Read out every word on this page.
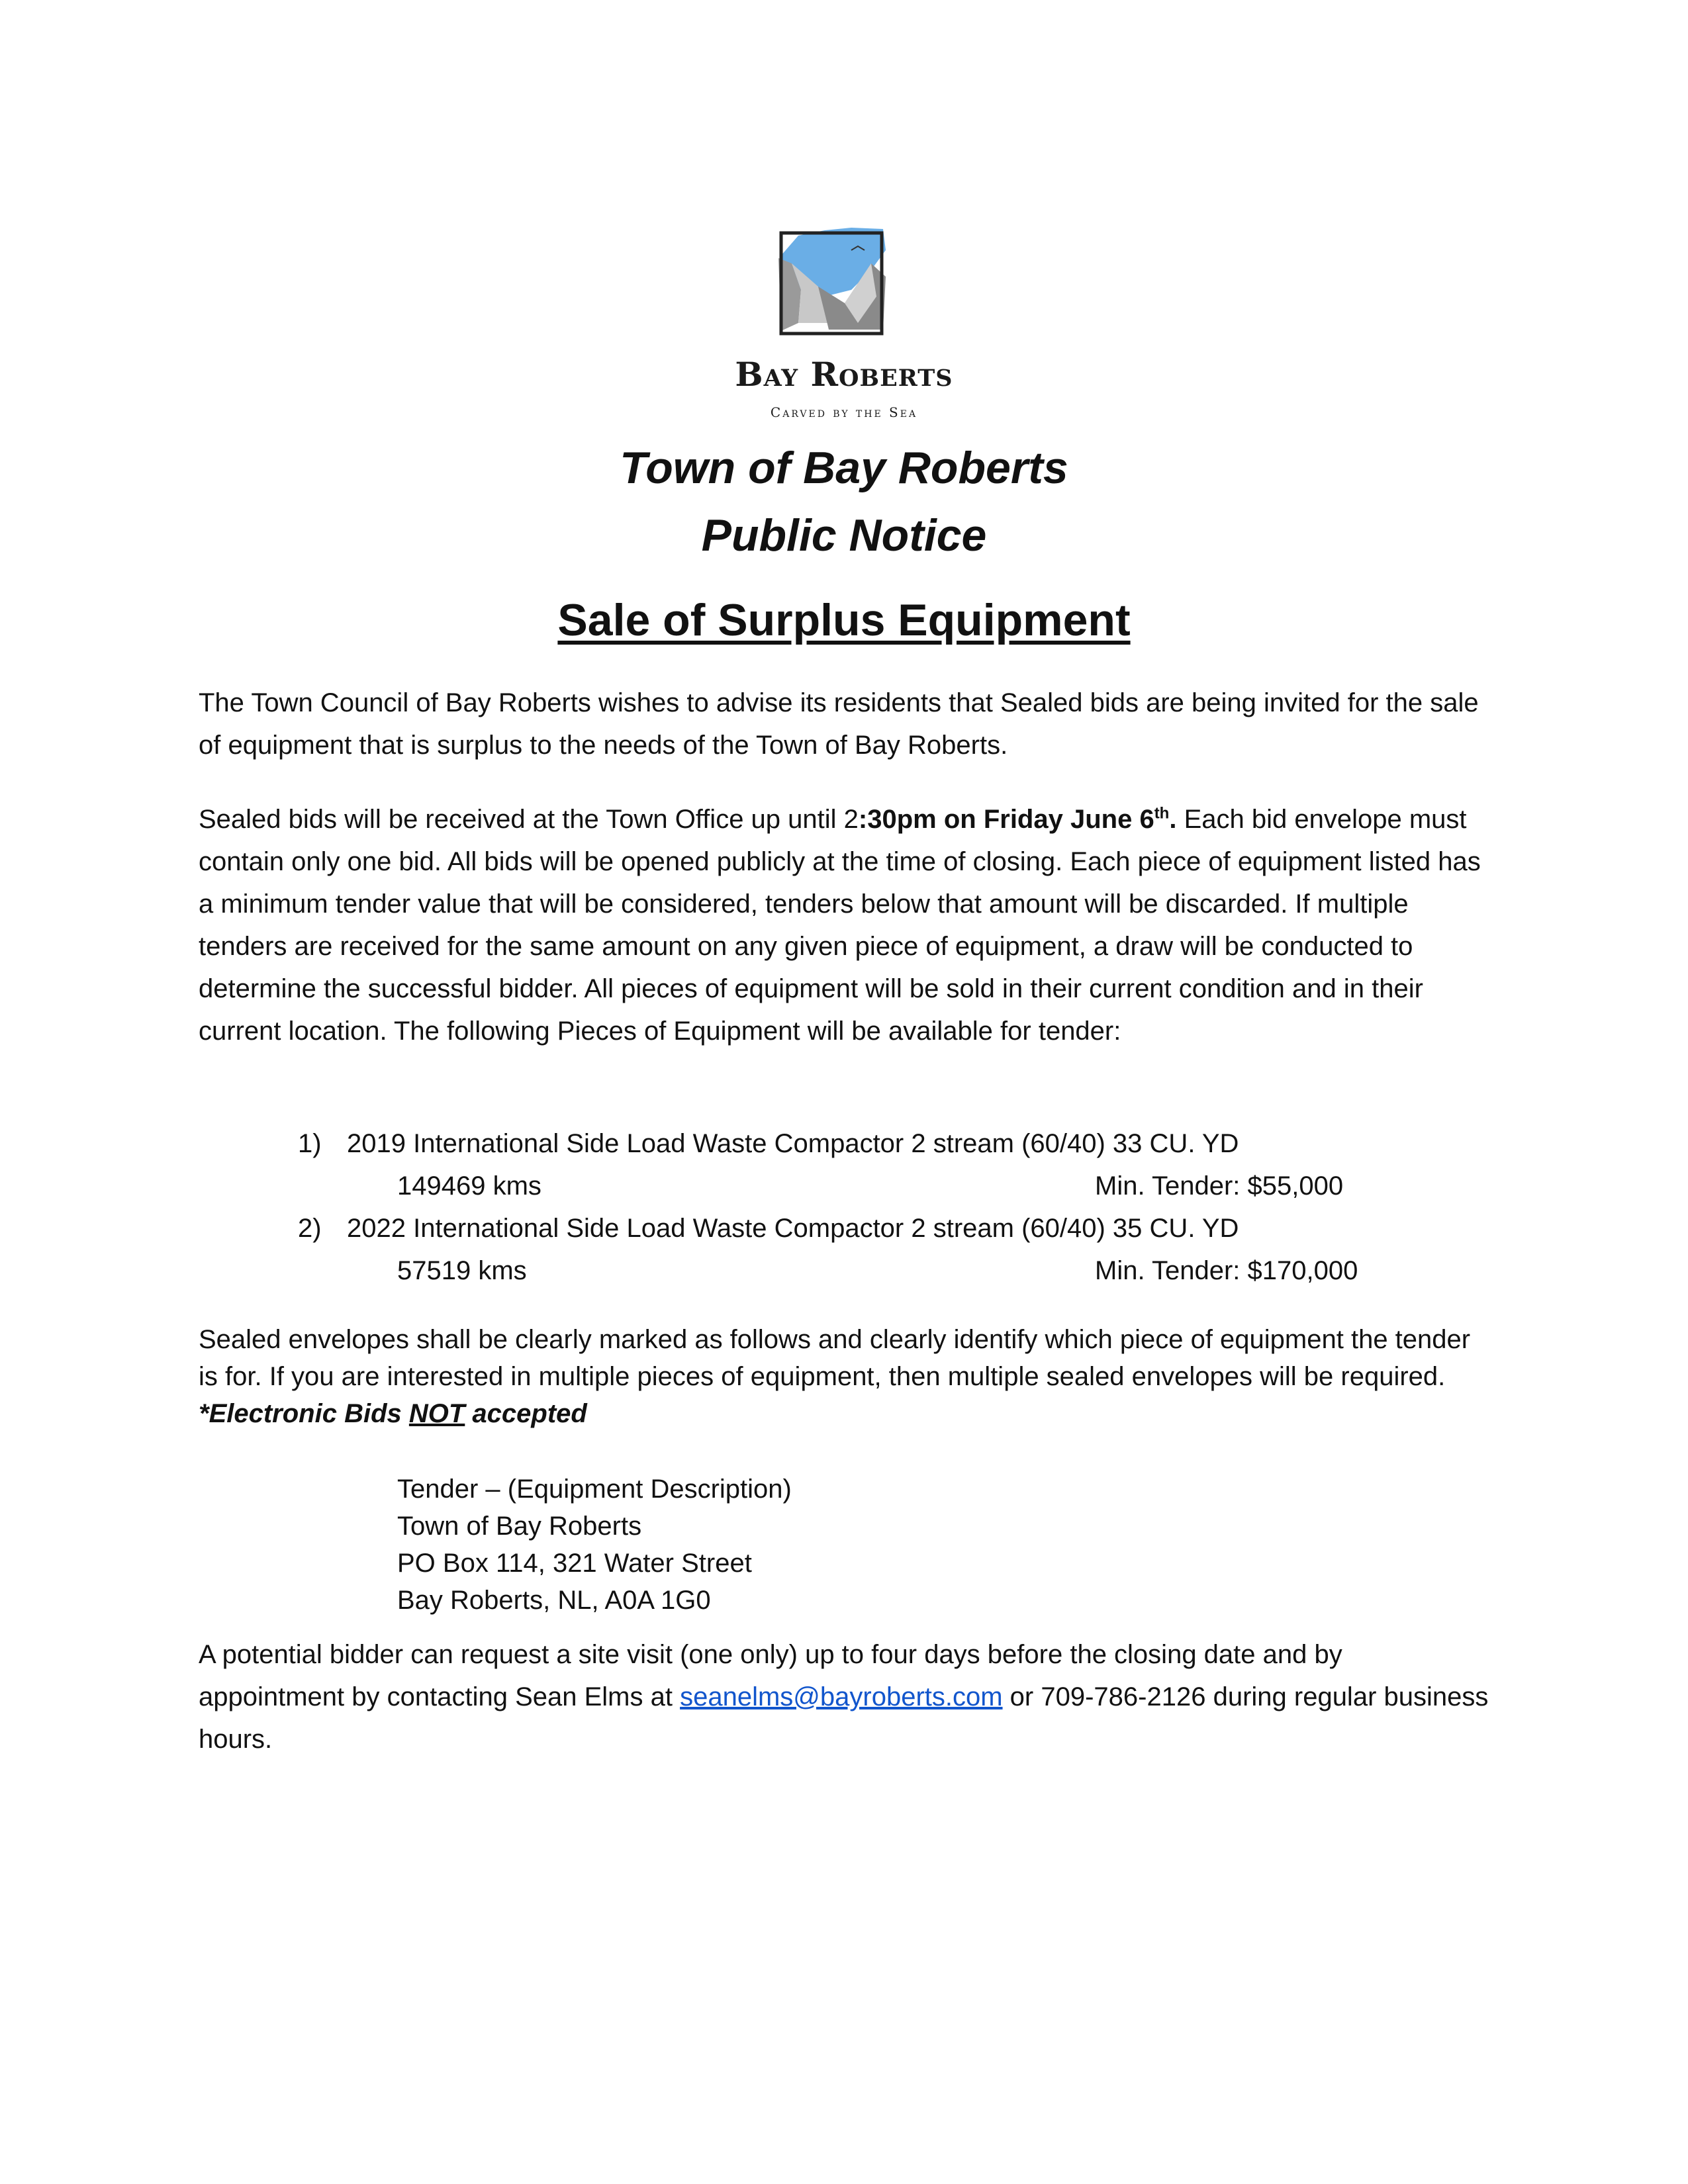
Bay Roberts
Carved by the Sea
Town of Bay Roberts
Public Notice
Sale of Surplus Equipment

The Town Council of Bay Roberts wishes to advise its residents that Sealed bids are being invited for the sale of equipment that is surplus to the needs of the Town of Bay Roberts.

Sealed bids will be received at the Town Office up until 2:30pm on Friday June 6th. Each bid envelope must contain only one bid. All bids will be opened publicly at the time of closing. Each piece of equipment listed has a minimum tender value that will be considered, tenders below that amount will be discarded. If multiple tenders are received for the same amount on any given piece of equipment, a draw will be conducted to determine the successful bidder. All pieces of equipment will be sold in their current condition and in their current location. The following Pieces of Equipment will be available for tender:

1) 2019 International Side Load Waste Compactor 2 stream (60/40) 33 CU. YD
149469 kms	Min. Tender: $55,000
2) 2022 International Side Load Waste Compactor 2 stream (60/40) 35 CU. YD
57519 kms	Min. Tender: $170,000

Sealed envelopes shall be clearly marked as follows and clearly identify which piece of equipment the tender is for. If you are interested in multiple pieces of equipment, then multiple sealed envelopes will be required. *Electronic Bids NOT accepted

Tender – (Equipment Description)
Town of Bay Roberts
PO Box 114, 321 Water Street
Bay Roberts, NL, A0A 1G0

A potential bidder can request a site visit (one only) up to four days before the closing date and by appointment by contacting Sean Elms at seanelms@bayroberts.com or 709-786-2126 during regular business hours.
